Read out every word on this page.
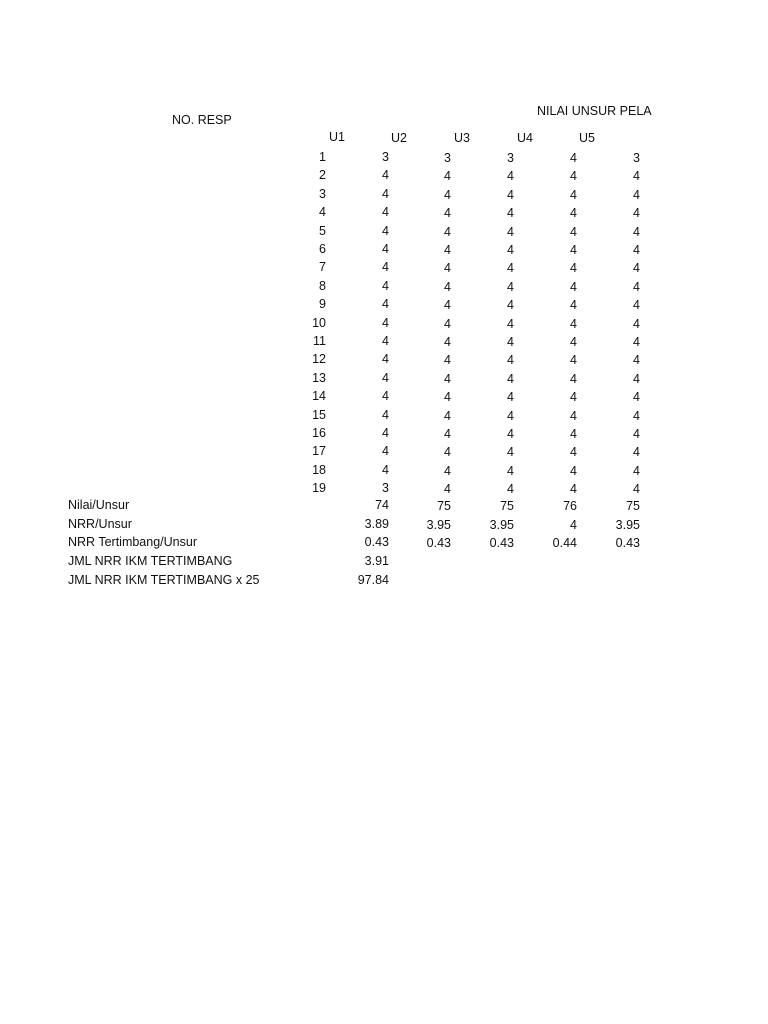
NILAI UNSUR PELA
NO. RESP
U1	U2	U3	U4	U5
1	3	3	3	4	3
2	4	4	4	4	4
3	4	4	4	4	4
4	4	4	4	4	4
5	4	4	4	4	4
6	4	4	4	4	4
7	4	4	4	4	4
8	4	4	4	4	4
9	4	4	4	4	4
10	4	4	4	4	4
11	4	4	4	4	4
12	4	4	4	4	4
13	4	4	4	4	4
14	4	4	4	4	4
15	4	4	4	4	4
16	4	4	4	4	4
17	4	4	4	4	4
18	4	4	4	4	4
19	3	4	4	4	4
Nilai/Unsur	74	75	75	76	75
NRR/Unsur	3.89	3.95	3.95	4	3.95
NRR Tertimbang/Unsur	0.43	0.43	0.43	0.44	0.43
JML NRR IKM TERTIMBANG	3.91
JML NRR IKM TERTIMBANG x 25	97.84
